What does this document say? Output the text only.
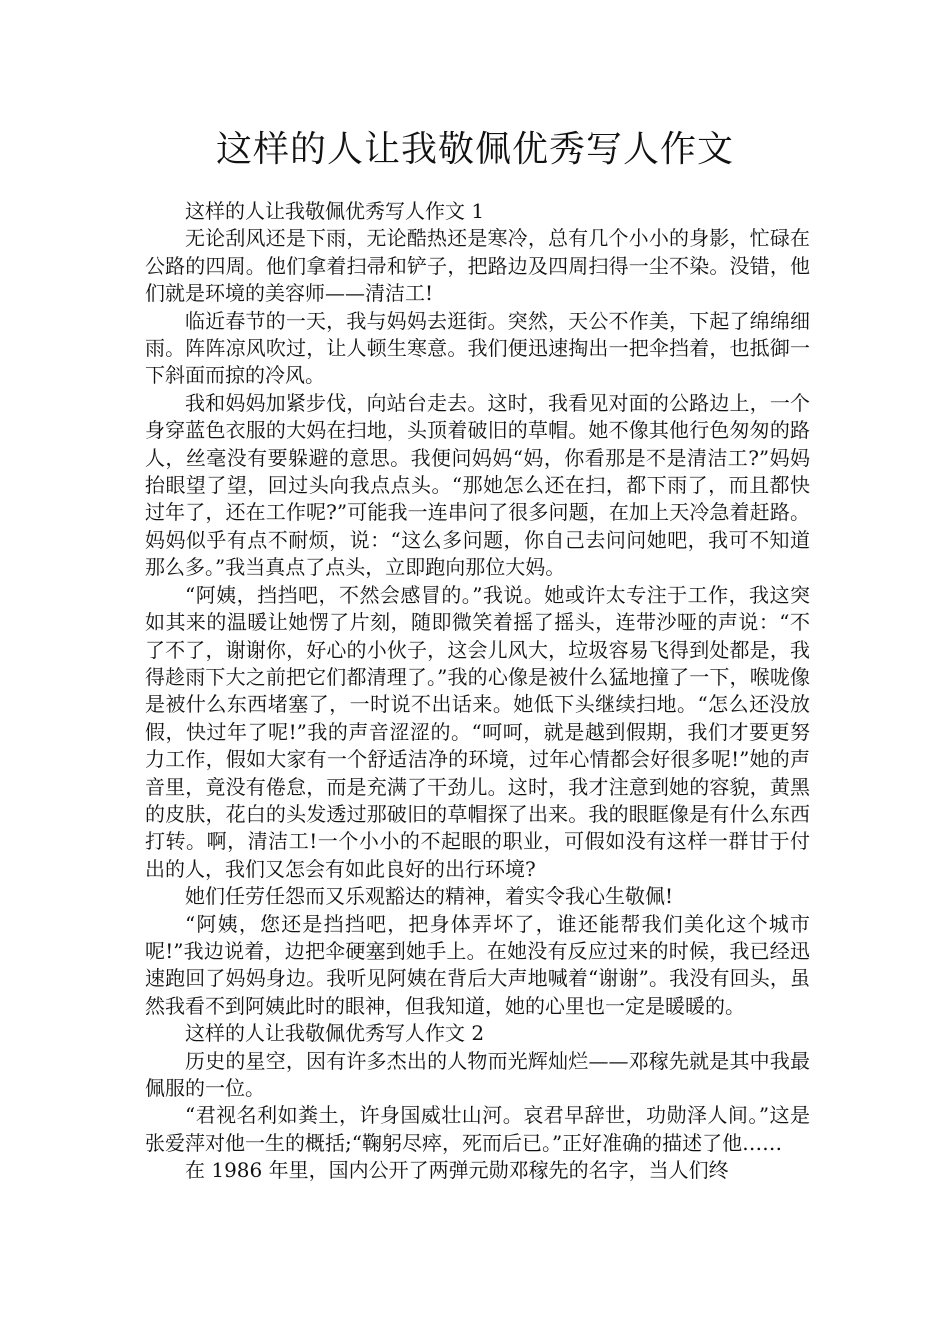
这样的人让我敬佩优秀写人作文

这样的人让我敬佩优秀写人作文 1

无论刮风还是下雨，无论酷热还是寒冷，总有几个小小的身影，忙碌在公路的四周。他们拿着扫帚和铲子，把路边及四周扫得一尘不染。没错，他们就是环境的美容师——清洁工!

临近春节的一天，我与妈妈去逛街。突然，天公不作美，下起了绵绵细雨。阵阵凉风吹过，让人顿生寒意。我们便迅速掏出一把伞挡着，也抵御一下斜面而掠的冷风。

我和妈妈加紧步伐，向站台走去。这时，我看见对面的公路边上，一个身穿蓝色衣服的大妈在扫地，头顶着破旧的草帽。她不像其他行色匆匆的路人，丝毫没有要躲避的意思。我便问妈妈“妈，你看那是不是清洁工?”妈妈抬眼望了望，回过头向我点点头。“那她怎么还在扫，都下雨了，而且都快过年了，还在工作呢?”可能我一连串问了很多问题，在加上天冷急着赶路。妈妈似乎有点不耐烦，说：“这么多问题，你自己去问问她吧，我可不知道那么多。”我当真点了点头，立即跑向那位大妈。

“阿姨，挡挡吧，不然会感冒的。”我说。她或许太专注于工作，我这突如其来的温暖让她愣了片刻，随即微笑着摇了摇头，连带沙哑的声说：“不了不了，谢谢你，好心的小伙子，这会儿风大，垃圾容易飞得到处都是，我得趁雨下大之前把它们都清理了。”我的心像是被什么猛地撞了一下，喉咙像是被什么东西堵塞了，一时说不出话来。她低下头继续扫地。“怎么还没放假，快过年了呢!”我的声音涩涩的。“呵呵，就是越到假期，我们才要更努力工作，假如大家有一个舒适洁净的环境，过年心情都会好很多呢!”她的声音里，竟没有倦怠，而是充满了干劲儿。这时，我才注意到她的容貌，黄黑的皮肤，花白的头发透过那破旧的草帽探了出来。我的眼眶像是有什么东西打转。啊，清洁工!一个小小的不起眼的职业，可假如没有这样一群甘于付出的人，我们又怎会有如此良好的出行环境?

她们任劳任怨而又乐观豁达的精神，着实令我心生敬佩!

“阿姨，您还是挡挡吧，把身体弄坏了，谁还能帮我们美化这个城市呢!”我边说着，边把伞硬塞到她手上。在她没有反应过来的时候，我已经迅速跑回了妈妈身边。我听见阿姨在背后大声地喊着“谢谢”。我没有回头，虽然我看不到阿姨此时的眼神，但我知道，她的心里也一定是暖暖的。

这样的人让我敬佩优秀写人作文 2

历史的星空，因有许多杰出的人物而光辉灿烂——邓稼先就是其中我最佩服的一位。

“君视名利如粪土，许身国威壮山河。哀君早辞世，功勋泽人间。”这是张爱萍对他一生的概括;“鞠躬尽瘁，死而后已。”正好准确的描述了他……

在 1986 年里，国内公开了两弹元勋邓稼先的名字，当人们终
